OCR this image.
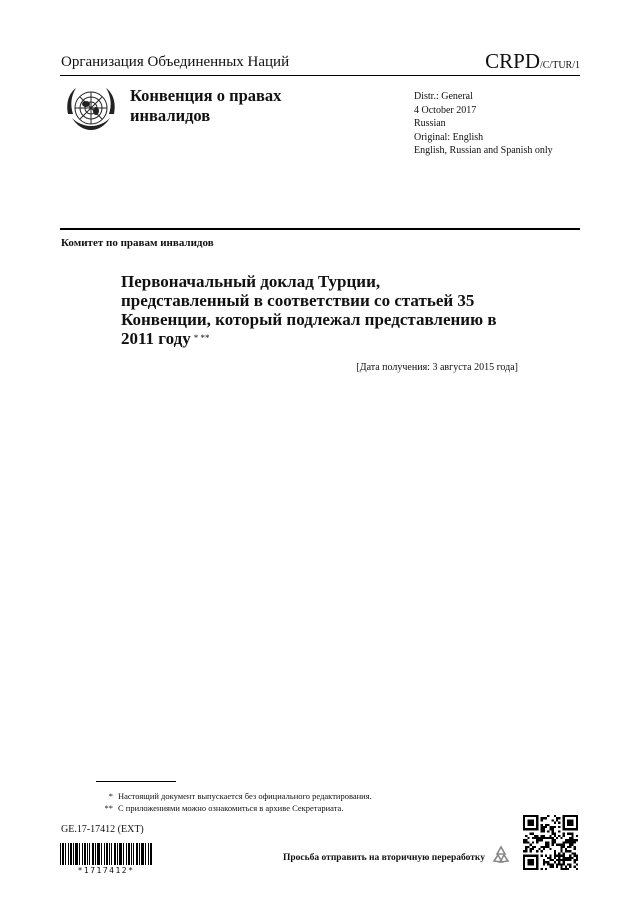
Организация Объединенных Наций	CRPD/C/TUR/1
Конвенция о правах инвалидов
Distr.: General
4 October 2017
Russian
Original: English
English, Russian and Spanish only
Комитет по правам инвалидов
Первоначальный доклад Турции, представленный в соответствии со статьей 35 Конвенции, который подлежал представлению в 2011 году * **
[Дата получения: 3 августа 2015 года]
* Настоящий документ выпускается без официального редактирования.
** С приложениями можно ознакомиться в архиве Секретариата.
GE.17-17412 (EXT)
*1717412*
Просьба отправить на вторичную переработку
